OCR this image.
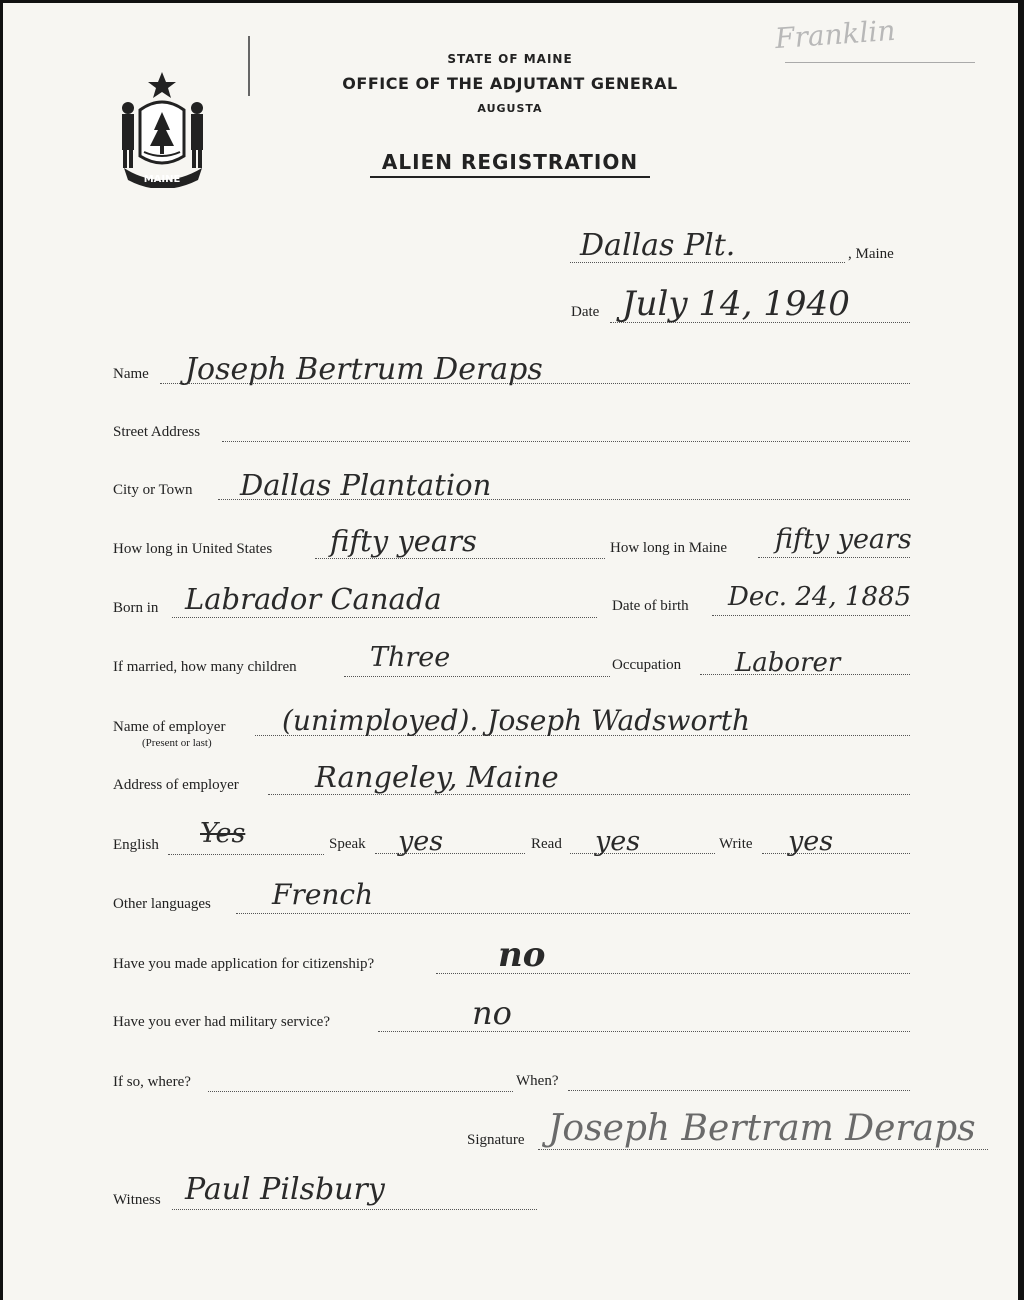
MAINE
STATE OF MAINE
OFFICE OF THE ADJUTANT GENERAL
AUGUSTA
ALIEN REGISTRATION
Franklin
Dallas Plt.	, Maine
Date July 14, 1940
Name Joseph Bertrum Deraps
Street Address
City or Town Dallas Plantation
How long in United States fifty years	How long in Maine fifty years
Born in Labrador Canada	Date of birth Dec. 24, 1885
If married, how many children	Three	Occupation Laborer
Name of employer
(Present or last)
(unimployed). Joseph Wadsworth
Address of employer	Rangeley, Maine
English Yes	Speak yes	Read yes	Write yes
Other languages French
Have you made application for citizenship?	no
Have you ever had military service?	no
If so, where?	When?
Signature Joseph Bertram Deraps
Witness Paul Pilsbury
